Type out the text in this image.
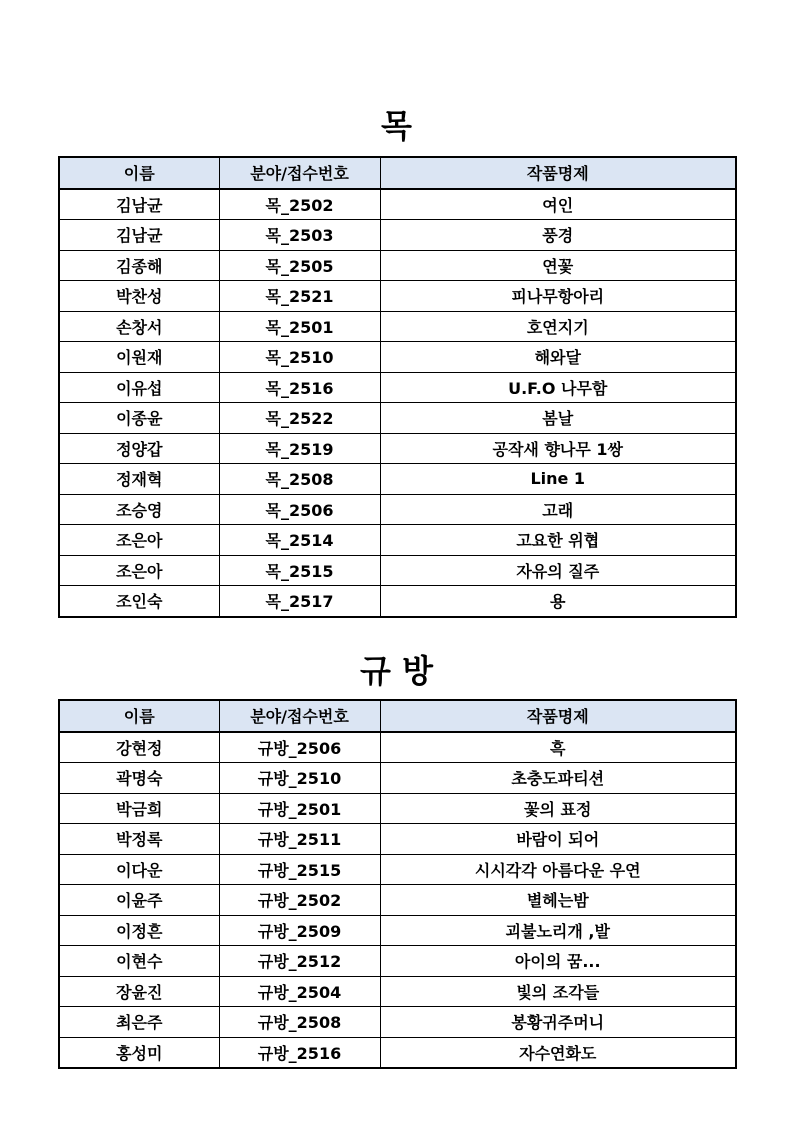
목
이름	분야/접수번호	작품명제
김남균	목_2502	여인
김남균	목_2503	풍경
김종해	목_2505	연꽃
박찬성	목_2521	피나무항아리
손창서	목_2501	호연지기
이원재	목_2510	해와달
이유섭	목_2516	U.F.O 나무함
이종윤	목_2522	봄날
정양갑	목_2519	공작새 향나무 1쌍
정재혁	목_2508	Line 1
조승영	목_2506	고래
조은아	목_2514	고요한 위협
조은아	목_2515	자유의 질주
조인숙	목_2517	용
규 방
이름	분야/접수번호	작품명제
강현정	규방_2506	흑
곽명숙	규방_2510	초충도파티션
박금희	규방_2501	꽃의 표정
박정록	규방_2511	바람이 되어
이다운	규방_2515	시시각각 아름다운 우연
이윤주	규방_2502	별헤는밤
이정흔	규방_2509	괴불노리개 ,발
이현수	규방_2512	아이의 꿈...
장윤진	규방_2504	빛의 조각들
최은주	규방_2508	봉황귀주머니
홍성미	규방_2516	자수연화도
